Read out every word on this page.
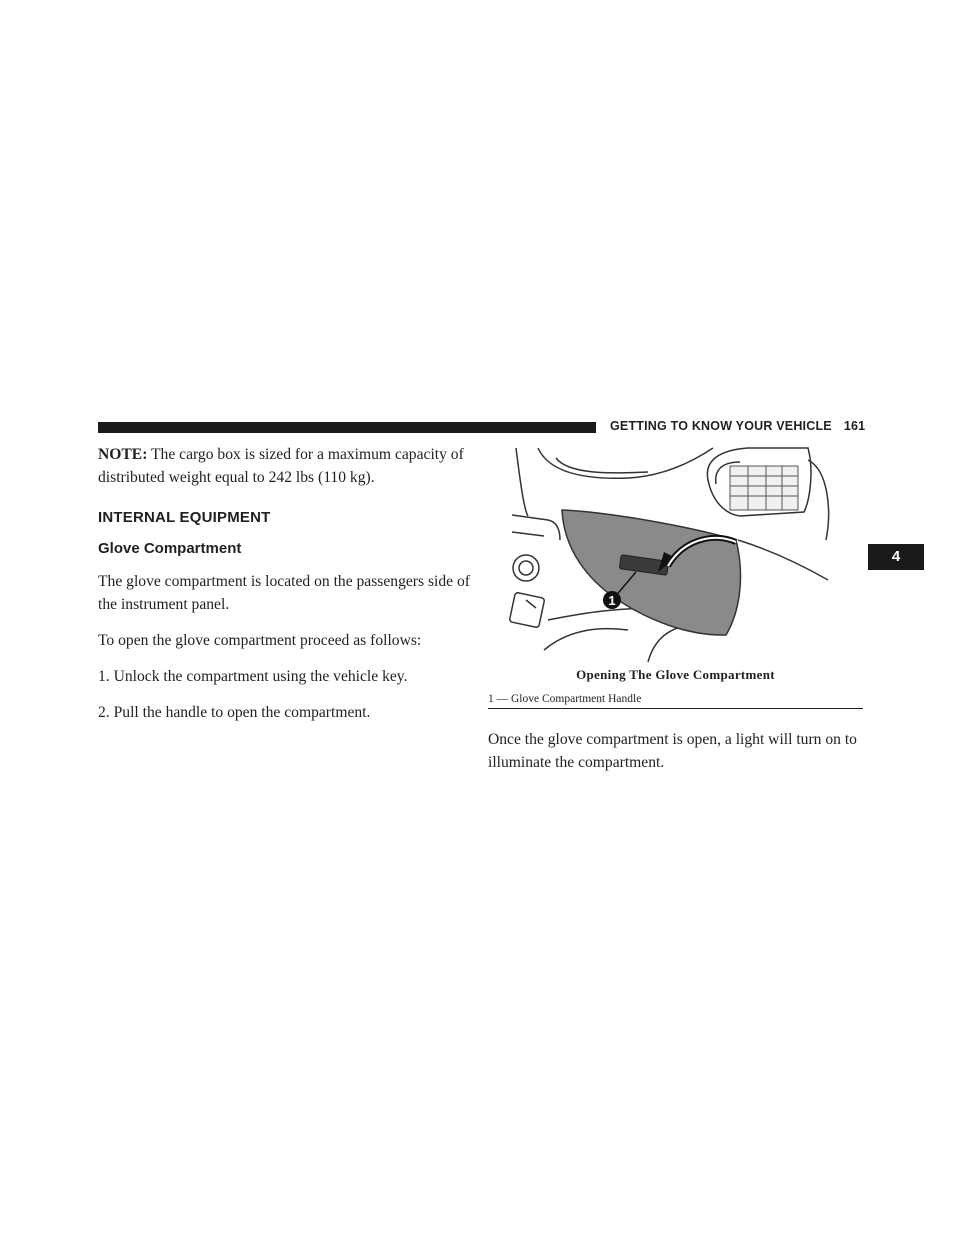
GETTING TO KNOW YOUR VEHICLE 161
4

NOTE: The cargo box is sized for a maximum capacity of distributed weight equal to 242 lbs (110 kg).

INTERNAL EQUIPMENT
Glove Compartment

The glove compartment is located on the passengers side of the instrument panel.

To open the glove compartment proceed as follows:

1. Unlock the compartment using the vehicle key.

2. Pull the handle to open the compartment.

1
Opening The Glove Compartment
1 — Glove Compartment Handle

Once the glove compartment is open, a light will turn on to illuminate the compartment.
